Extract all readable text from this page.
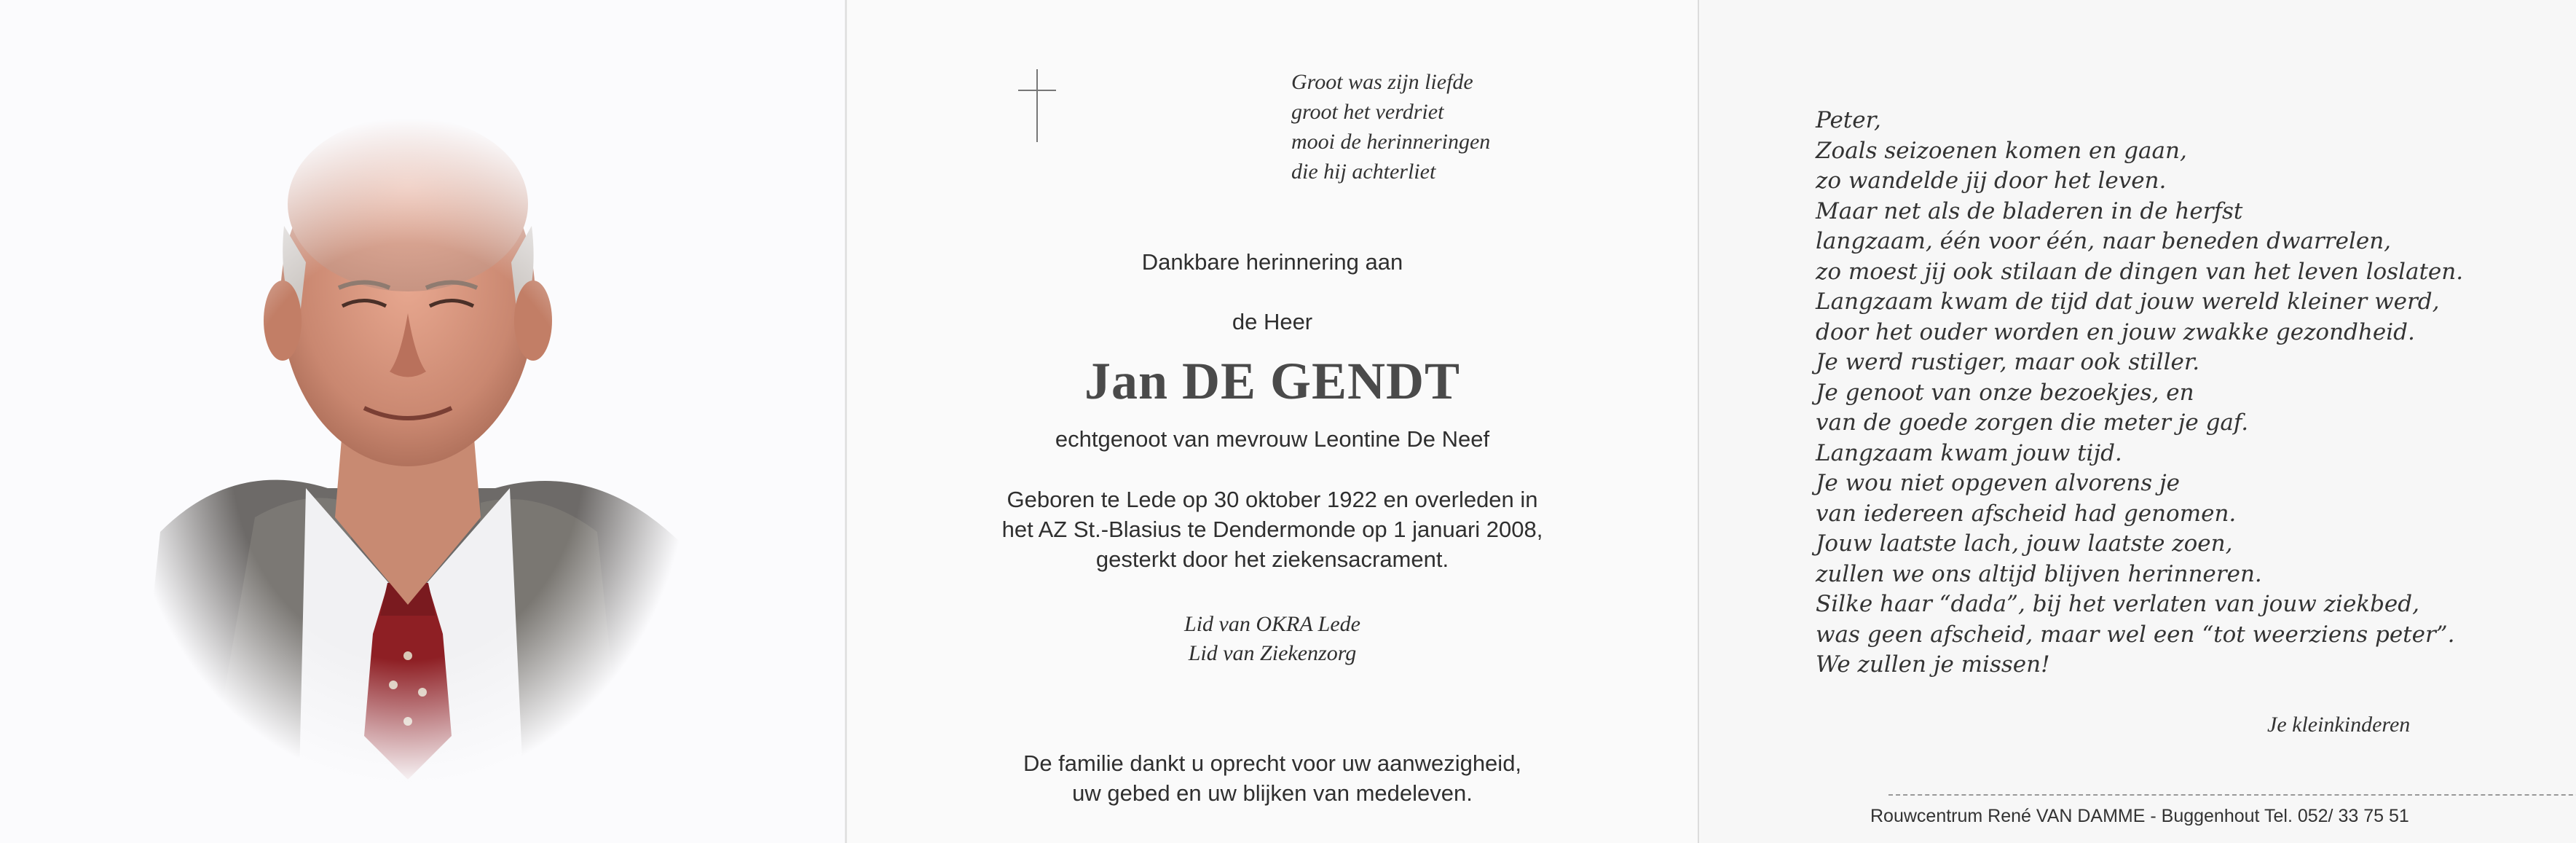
Groot was zijn liefde
groot het verdriet
mooi de herinneringen
die hij achterliet
Dankbare herinnering aan
de Heer
Jan DE GENDT
echtgenoot van mevrouw Leontine De Neef
Geboren te Lede op 30 oktober 1922 en overleden in
het AZ St.-Blasius te Dendermonde op 1 januari 2008,
gesterkt door het ziekensacrament.
Lid van OKRA Lede
Lid van Ziekenzorg
De familie dankt u oprecht voor uw aanwezigheid,
uw gebed en uw blijken van medeleven.
Peter,
Zoals seizoenen komen en gaan,
zo wandelde jij door het leven.
Maar net als de bladeren in de herfst
langzaam, één voor één, naar beneden dwarrelen,
zo moest jij ook stilaan de dingen van het leven loslaten.
Langzaam kwam de tijd dat jouw wereld kleiner werd,
door het ouder worden en jouw zwakke gezondheid.
Je werd rustiger, maar ook stiller.
Je genoot van onze bezoekjes, en
van de goede zorgen die meter je gaf.
Langzaam kwam jouw tijd.
Je wou niet opgeven alvorens je
van iedereen afscheid had genomen.
Jouw laatste lach, jouw laatste zoen,
zullen we ons altijd blijven herinneren.
Silke haar “dada”, bij het verlaten van jouw ziekbed,
was geen afscheid, maar wel een “tot weerziens peter”.
We zullen je missen!
Je kleinkinderen
Rouwcentrum René VAN DAMME - Buggenhout Tel. 052/ 33 75 51
